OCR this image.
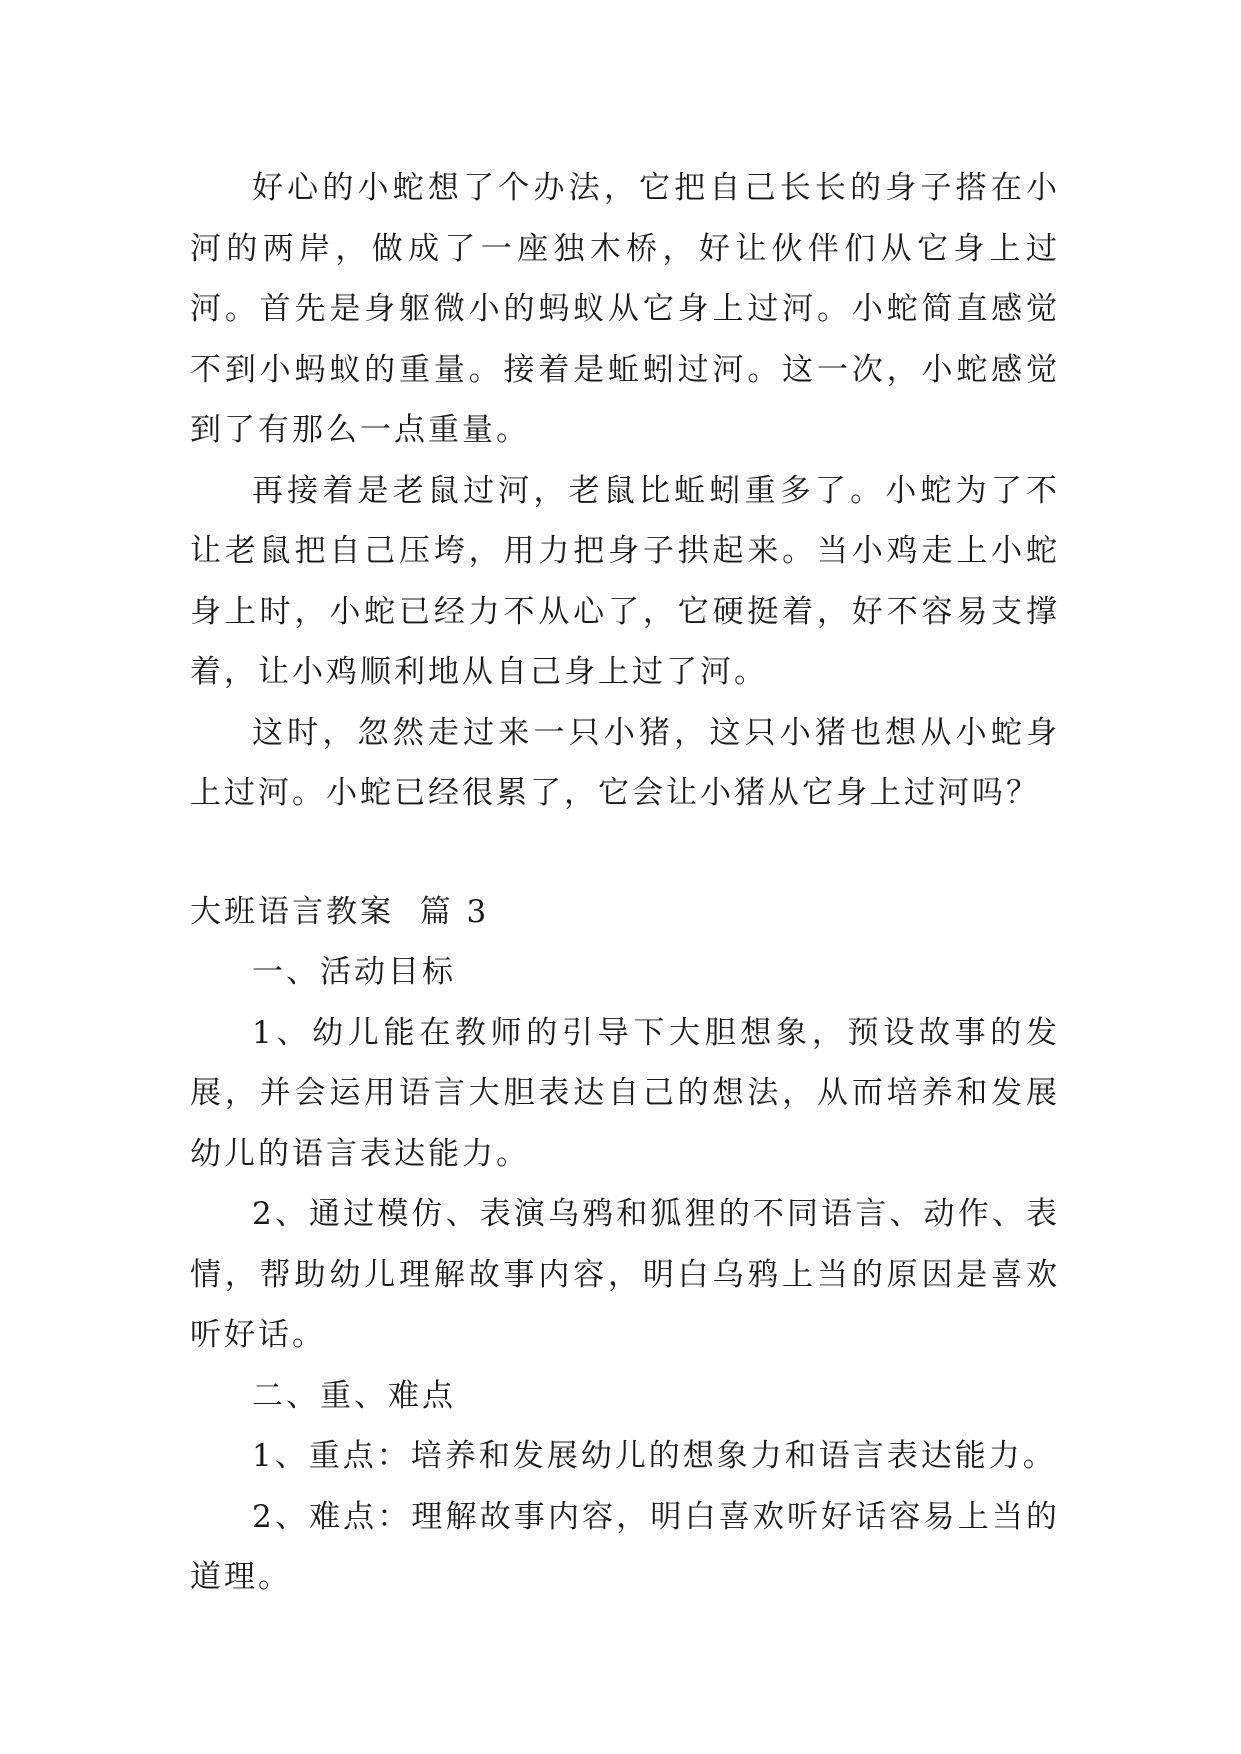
好心的小蛇想了个办法，它把自己长长的身子搭在小河的两岸，做成了一座独木桥，好让伙伴们从它身上过河。首先是身躯微小的蚂蚁从它身上过河。小蛇简直感觉不到小蚂蚁的重量。接着是蚯蚓过河。这一次，小蛇感觉到了有那么一点重量。

再接着是老鼠过河，老鼠比蚯蚓重多了。小蛇为了不让老鼠把自己压垮，用力把身子拱起来。当小鸡走上小蛇身上时，小蛇已经力不从心了，它硬挺着，好不容易支撑着，让小鸡顺利地从自己身上过了河。

这时，忽然走过来一只小猪，这只小猪也想从小蛇身上过河。小蛇已经很累了，它会让小猪从它身上过河吗？

大班语言教案  篇 3

一、活动目标

1、幼儿能在教师的引导下大胆想象，预设故事的发展，并会运用语言大胆表达自己的想法，从而培养和发展幼儿的语言表达能力。

2、通过模仿、表演乌鸦和狐狸的不同语言、动作、表情，帮助幼儿理解故事内容，明白乌鸦上当的原因是喜欢听好话。

二、重、难点

1、重点：培养和发展幼儿的想象力和语言表达能力。

2、难点：理解故事内容，明白喜欢听好话容易上当的道理。
